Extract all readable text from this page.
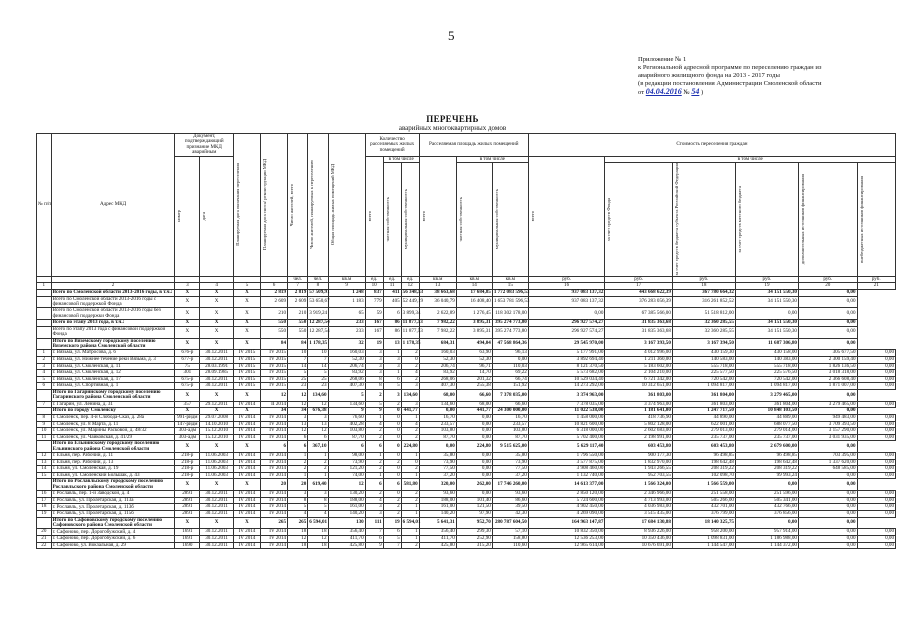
5
Приложение № 1
к Региональной адресной программе по переселению граждан из
аварийного жилищного фонда на 2013 - 2017 годы
(в редакции постановления Администрации Смоленской области
от 04.04.2016 № 54 )
ПЕРЕЧЕНЬ
аварийных многоквартирных домов
№ п/п	Адрес МКД	Документ, подтверждающий признание МКД аварийным		Планируемая дата окончания переселения	Планируемая дата сноса/ реконструкции МКД	Число жителей, всего	Число жителей, планируемых к переселению	Общая площадь жилых помещений МКД	Количество расселяемых жилых помещений			Расселяемая площадь жилых помещений			Стоимость переселения граждан					

		номер	дата						всего	в том числе		всего	в том числе		всего	в том числе				

										частная собственность	муниципальная собственность		частная собственность	муниципальная собственность		за счет средств Фонда	за счет средств бюджета субъекта Российской Федерации	за счет средств местного бюджета	дополнительных источников финансирования	внебюджетных источников финансирования

						чел.	чел.	кв.м	ед.	ед.	ед.	кв.м	кв.м	кв.м	руб.	руб.	руб.	руб.	руб.	руб.
1	2	3	4	5	6	7	8	9	10	11	12	13	14	15	16	17	18	19	20	21
	Всего по Смоленской области 2013-2016 годы, в т.ч.:	X	X	X	2 819	2 819	57 509,91	1 248	837	411	56 348,53	38 663,68	17 684,85	1 772 083 596,53	937 083 137,32	443 668 622,39	367 780 664,32	34 151 550,30	0,00	
	Всего по Смоленской области 2013-2016 годы с финансовой поддержкой Фонда	X	X	X	2 609	2 609	53 650,67	1 183	779	405	52 449,19	36 040,79	16 408,40	1 653 781 596,53	937 083 137,32	376 283 056,39	316 261 852,52	34 151 550,30	0,00	
	Всего по Смоленской области 2013-2016 годы без финансовой поддержки Фонда	X	X	X	210	210	3 919,24	65	59	6	3 899,34	2 622,89	1 276,45	118 302 178,00	0,00	67 385 566,00	51 518 812,00	0,00	0,00	
	Всего по этапу 2013 года, в т.ч.:	X	X	X	550	550	12 287,54	233	167	86	11 877,53	7 982,22	3 895,31	395 274 773,80	296 927 574,27	31 835 363,68	32 360 285,55	34 151 550,30	0,00	
	Всего по этапу 2013 года с финансовой поддержкой Фонда	X	X	X	550	550	12 287,54	233	167	86	11 877,53	7 982,22	3 895,31	395 274 773,80	296 927 574,27	31 835 363,68	32 360 285,55	34 151 550,30	0,00	
	Итого по Вяземскому городскому поселению Вяземского района Смоленской области	X	X	X	84	84	1 178,35	32	19	13	1 178,35	684,31	494,04	47 568 864,36	29 545 970,00	3 167 393,50	3 167 394,50	11 687 306,80	0,00	
1	г. Вязьма, ул. Матросова, д. 6	676-р	30.12.2011	IV 2015	IV 2015	10	10	160,03	3	1	2	160,03	63,90	96,13	5 177 991,00	4 012 996,00	430 159,30	430 158,00	305 677,50	0,00
2	г. Вязьма, ул. Нижнее течение реки Вязьма, д. 3	677-р	30.12.2011	IV 2015	IV 2015	7	7	52,30	3	3	0	52,30	52,30	0,00	3 892 694,40	1 211 360,00	140 583,00	140 383,00	2 300 159,40	0,00
3	г. Вязьма, ул. Смоленская, д. 11	75	28.03.1991	IV 2015	IV 2015	14	14	206,74	3	3	2	206,74	96,71	110,03	8 121 370,50	5 183 602,00	555 718,00	555 718,00	1 826 136,50	0,00
4	г. Вязьма, ул. Смоленская, д. 12	301	28.09.1985	IV 2015	IV 2015	5	5	83,92	3	1	4	83,92	14,70	69,22	5 573 682,00	2 104 210,00	225 577,50	225 576,50	3 018 318,00	0,00
5	г. Вязьма, ул. Смоленская, д. 17	675-р	30.12.2011	IV 2015	IV 2015	25	25	268,06	8	6	2	268,06	201,32	66,74	10 529 034,40	6 721 342,00	720 542,00	720 542,00	2 366 608,40	0,00
6	г. Вязьма, ул. Спортивная, д. 1	675-р	30.12.2011	IV 2015	IV 2015	23	23	407,30	8	5	3	407,30	255,38	151,92	14 273 292,00	10 312 651,00	1 094 817,00	1 094 817,00	1 871 007,00	0,00
	Итого по Гагаринскому городскому поселению Гагаринского района Смоленской области	X	X	X	12	12	134,60	5	2	3	134,60	68,00	66,60	7 378 035,00	3 374 963,00	361 803,00	361 804,00	3 279 465,00	0,00	
7	г. Гагарин, ул. Ленина, д. 31	357	29.12.2011	IV 2014	II 2014	12	12	134,60	5	2	3	134,60	68,00	66,60	7 378 035,00	3 374 963,00	361 803,00	361 804,00	3 279 465,00	0,00
	Итого по городу Смоленску	X	X	X	34	34	676,38	9	9	0	441,77	0,00	441,77	24 300 000,00	11 022 538,00	1 181 641,00	1 247 717,50	10 848 103,50	0,00	
8	г. Смоленск, пер. 4-й Слобода-Сказ, д. 28а	991-рйдм	29.07.2008	IV 2014	IV 2014	3	3	76,60	1	0	1	16,70	0,00	16,70	1 458 000,00	418 736,90	44 890,00	44 889,00	949 483,00	0,00
9	г. Смоленск, ул. 8 Марта, д. 11	147-рйдм	14.10.2010	IV 2014	IV 2014	13	13	402,28	4	0	4	233,57	0,00	233,57	10 821 600,00	5 802 128,00	622 001,00	688 077,50	3 709 393,50	0,00
10	г. Смоленск, ул. Марины Расковой, д. 48/32	303-адм	15.12.2010	IV 2014	IV 2014	12	12	103,80	2	0	2	103,80	0,00	103,80	6 318 000,00	2 602 683,00	279 013,00	279 014,00	3 157 290,00	0,00
11	г. Смоленск, ул. Чайковская, д. 41/29	303-адм	15.12.2010	IV 2014	IV 2014	6	6	87,70	2	0	2	87,70	0,00	87,70	5 702 400,00	2 198 991,00	235 737,00	235 737,00	3 031 935,00	0,00
	Итого по Ельнинскому городскому поселению Ельнинского района Смоленской области	X	X	X	6	6	367,10	6	6	0	224,80	0,00	224,80	9 515 625,00	5 629 117,40	603 453,80	603 453,80	2 679 600,00	0,00	
12	г. Ельня, пер. Рабочий, д. 11	218-р	11.06.2003	IV 2014	IV 2014	1	1	98,00	1	0	1	35,80	0,00	35,80	1 796 550,00	900 177,30	96 498,85	96 498,85	703 395,00	0,00
13	г. Ельня, пер. Рабочий, д. 13	218-р	11.06.2003	IV 2014	IV 2014	2	2	73,90	2	2	0	73,90	0,00	73,90	3 577 875,00	1 832 970,00	198 642,48	198 642,48	1 337 620,00	0,00
14	г. Ельня, ул. Смоленская, д. 19	218-р	11.06.2003	IV 2014	IV 2014	2	2	121,20	2	0	2	77,50	0,00	77,50	3 908 460,00	1 943 266,55	208 319,22	208 319,22	648 585,00	0,00
15	г. Ельня, ул. Смоленский Большак, д. 43	218-р	11.06.2003	IV 2014	IV 2014	1	1	74,00	1	0	1	37,20	0,00	37,20	1 132 740,00	952 703,55	102 098,70	99 993,24	0,00	0,00
	Итого по Рославльскому городскому поселению Рославльского района Смоленской области	X	X	X	20	20	619,40	12	6	6	581,80	320,00	262,00	17 746 260,00	14 613 377,00	1 566 324,00	1 566 559,00	0,00	0,00	
16	г. Рославль, пер. 1-й Заводской, д. 4	2891	30.12.2011	IV 2014	IV 2014	3	3	130,20	2	0	2	93,60	0,00	93,60	2 850 120,00	2 346 966,00	251 558,00	251 596,00	0,00	0,00
17	г. Рославль, ул. Пролетарская, д. 113а	2891	30.12.2011	IV 2014	IV 2014	8	8	188,00	4	2	2	188,00	101,40	86,60	5 724 600,00	4 713 993,00	505 266,00	505 341,00	0,00	0,00
18	г. Рославль, ул. Пролетарская, д. 113б	2891	30.12.2011	IV 2014	IV 2014	5	5	161,00	3	2	1	161,00	121,50	39,50	4 902 450,00	4 036 983,00	432 701,00	432 766,00	0,00	0,00
19	г. Рославль, ул. Пролетарская, д. 115б	2891	30.12.2011	IV 2014	IV 2014	4	4	140,20	3	2	1	140,20	97,90	42,30	4 269 090,00	3 515 435,00	376 799,00	376 856,00	0,00	0,00
	Итого по Сафоновскому городскому поселению Сафоновского района Смоленской области	X	X	X	265	265	6 594,01	130	111	19	6 594,01	5 641,31	952,70	280 787 604,50	164 963 147,87	17 684 130,88	18 140 325,75	0,00	0,00	
20	г. Сафоново, пер. Дорогобужский, д. 4	1691	30.12.2011	IV 2014	IV 2014	18	18	356,40	7	6	1	356,40	299,30	57,10	10 832 350,00	8 936 226,00	958 200,00	957 914,00	0,00	0,00
21	г. Сафоново, пер. Дорогобужский, д. 6	1691	30.12.2011	IV 2014	IV 2014	12	12	411,70	6	5	1	411,70	252,90	158,80	12 536 253,00	10 350 436,00	1 098 831,00	1 186 988,00	0,00	0,00
22	г. Сафоново, ул. Вокзальная, д. 29	1690	30.12.2011	IV 2014	IV 2014	18	18	425,80	9	7	2	425,80	315,20	110,60	12 965 614,00	10 676 691,00	1 144 547,00	1 144 372,00	0,00	0,00
